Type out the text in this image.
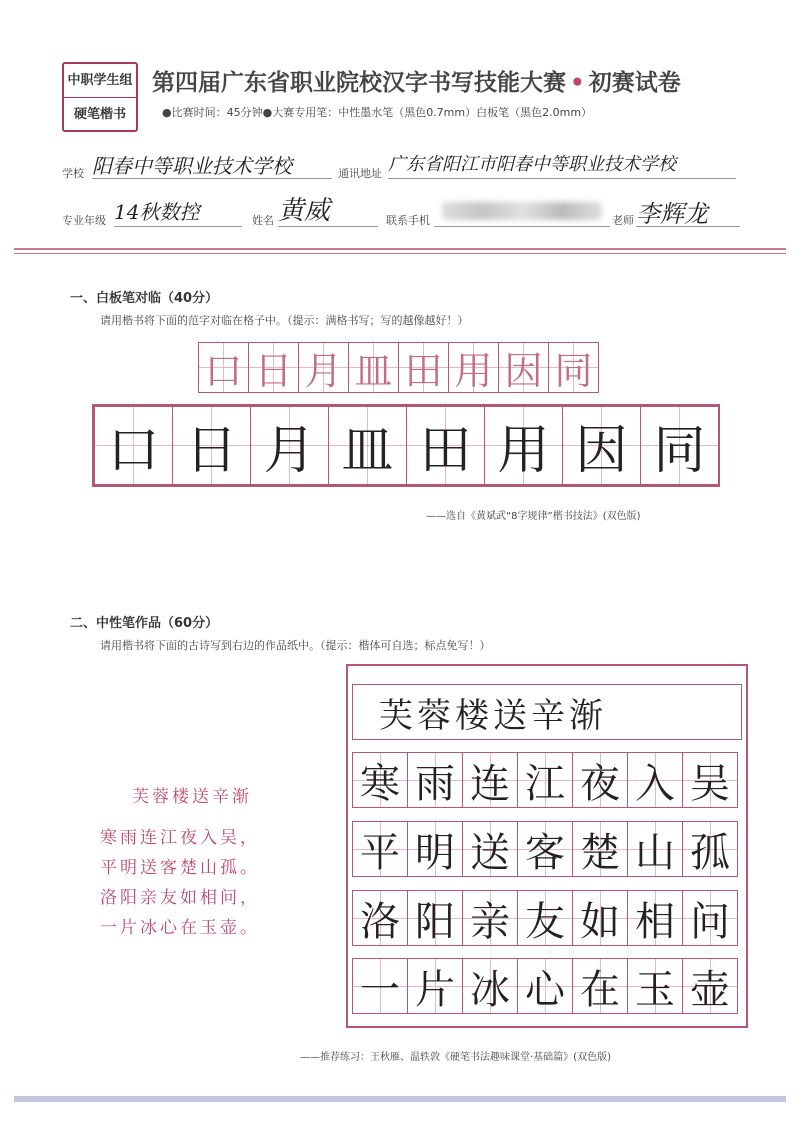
中职学生组
硬笔楷书
第四届广东省职业院校汉字书写技能大赛 • 初赛试卷
●比赛时间：45分钟●大赛专用笔：中性墨水笔（黑色0.7mm）白板笔（黑色2.0mm）
学校 阳春中等职业技术学校	通讯地址 广东省阳江市阳春中等职业技术学校
专业年级 14秋数控	姓名 黄威	联系手机	老师 李辉龙
一、白板笔对临（40分）
请用楷书将下面的范字对临在格子中。（提示：满格书写；写的越像越好！）
口 日 月 皿 田 用 因 同
口 日 月 皿 田 用 因 同
——选自《黄斌武“8字规律”楷书技法》(双色版)
二、中性笔作品（60分）
请用楷书将下面的古诗写到右边的作品纸中。（提示：楷体可自选；标点免写！）
芙蓉楼送辛渐
寒雨连江夜入吴，
平明送客楚山孤。
洛阳亲友如相问，
一片冰心在玉壶。
芙蓉楼送辛渐
寒 雨 连 江 夜 入 吴
平 明 送 客 楚 山 孤
洛 阳 亲 友 如 相 问
一 片 冰 心 在 玉 壶
——推荐练习：王秋雁、温轶敦《硬笔书法趣味课堂·基础篇》(双色版)
